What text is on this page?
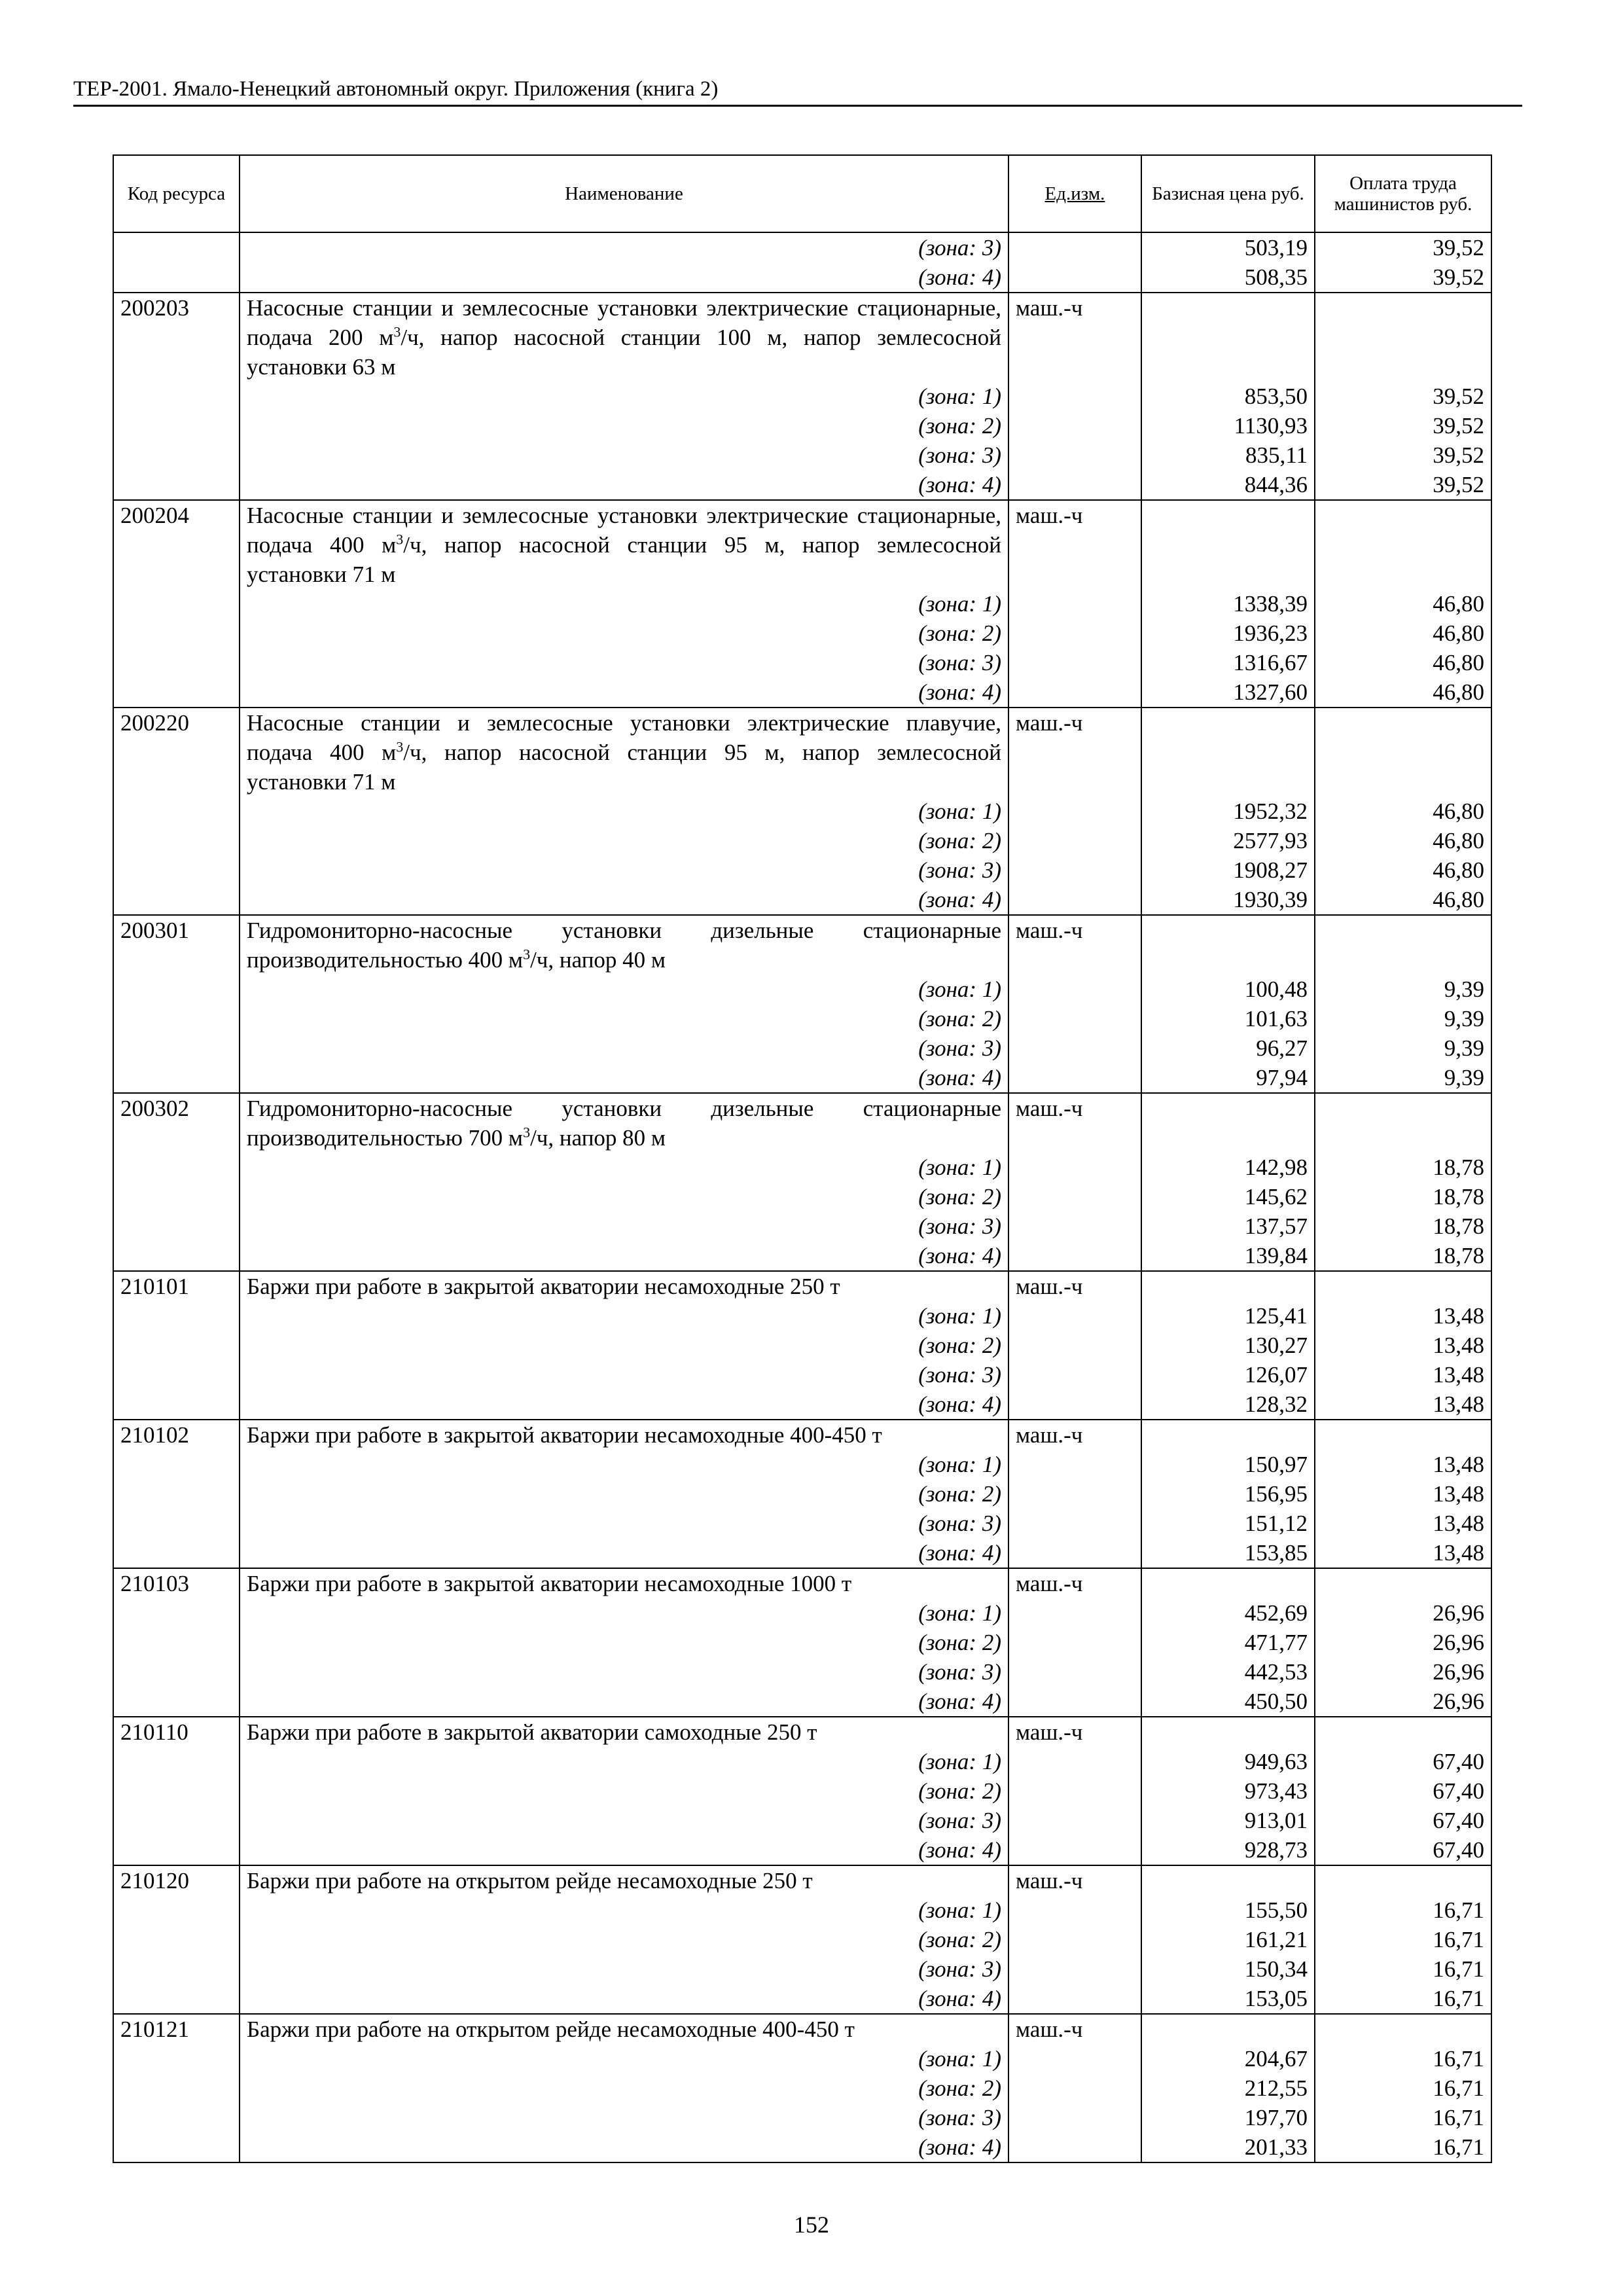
ТЕР-2001. Ямало-Ненецкий автономный округ. Приложения (книга 2)
Код ресурса	Наименование	Ед.изм.	Базисная цена руб.	Оплата труда машинистов руб.
	(зона: 3)		503,19	39,52
	(зона: 4)		508,35	39,52
200203	Насосные станции и землесосные установки электрические стационарные, подача 200 $м^3/ч$, напор насосной станции 100 м, напор землесосной установки 63 м	маш.-ч		
	(зона: 1)		853,50	39,52
	(зона: 2)		1130,93	39,52
	(зона: 3)		835,11	39,52
	(зона: 4)		844,36	39,52
200204	Насосные станции и землесосные установки электрические стационарные, подача 400 $м^3/ч$, напор насосной станции 95 м, напор землесосной установки 71 м	маш.-ч		
	(зона: 1)		1338,39	46,80
	(зона: 2)		1936,23	46,80
	(зона: 3)		1316,67	46,80
	(зона: 4)		1327,60	46,80
200220	Насосные станции и землесосные установки электрические плавучие, подача 400 $м^3/ч$, напор насосной станции 95 м, напор землесосной установки 71 м	маш.-ч		
	(зона: 1)		1952,32	46,80
	(зона: 2)		2577,93	46,80
	(зона: 3)		1908,27	46,80
	(зона: 4)		1930,39	46,80
200301	Гидромониторно-насосные установки дизельные стационарные производительностью 400 $м^3/ч$, напор 40 м	маш.-ч		
	(зона: 1)		100,48	9,39
	(зона: 2)		101,63	9,39
	(зона: 3)		96,27	9,39
	(зона: 4)		97,94	9,39
200302	Гидромониторно-насосные установки дизельные стационарные производительностью 700 $м^3/ч$, напор 80 м	маш.-ч		
	(зона: 1)		142,98	18,78
	(зона: 2)		145,62	18,78
	(зона: 3)		137,57	18,78
	(зона: 4)		139,84	18,78
210101	Баржи при работе в закрытой акватории несамоходные 250 т	маш.-ч		
	(зона: 1)		125,41	13,48
	(зона: 2)		130,27	13,48
	(зона: 3)		126,07	13,48
	(зона: 4)		128,32	13,48
210102	Баржи при работе в закрытой акватории несамоходные 400-450 т	маш.-ч		
	(зона: 1)		150,97	13,48
	(зона: 2)		156,95	13,48
	(зона: 3)		151,12	13,48
	(зона: 4)		153,85	13,48
210103	Баржи при работе в закрытой акватории несамоходные 1000 т	маш.-ч		
	(зона: 1)		452,69	26,96
	(зона: 2)		471,77	26,96
	(зона: 3)		442,53	26,96
	(зона: 4)		450,50	26,96
210110	Баржи при работе в закрытой акватории самоходные 250 т	маш.-ч		
	(зона: 1)		949,63	67,40
	(зона: 2)		973,43	67,40
	(зона: 3)		913,01	67,40
	(зона: 4)		928,73	67,40
210120	Баржи при работе на открытом рейде несамоходные 250 т	маш.-ч		
	(зона: 1)		155,50	16,71
	(зона: 2)		161,21	16,71
	(зона: 3)		150,34	16,71
	(зона: 4)		153,05	16,71
210121	Баржи при работе на открытом рейде несамоходные 400-450 т	маш.-ч		
	(зона: 1)		204,67	16,71
	(зона: 2)		212,55	16,71
	(зона: 3)		197,70	16,71
	(зона: 4)		201,33	16,71
152
